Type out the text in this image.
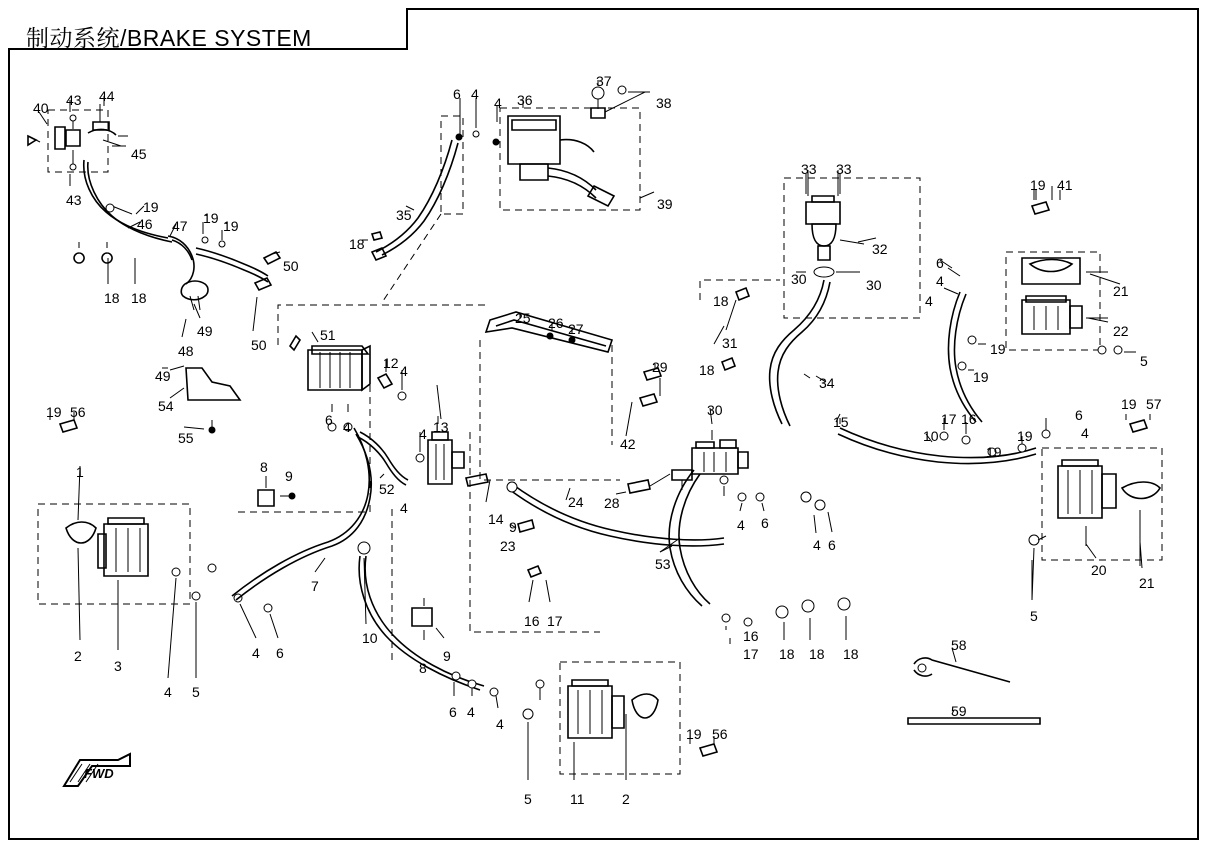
制动系统/BRAKE SYSTEM
FWD
40 43 44
45
43	19
46 47 19 19
50
18 18
49
48	50
49
54
55
51
12 4
13
6 4
52
4
4
14 9
23
16 17
24
25 26 27
29
42
28
53
30
4 6
4 6
16
17 18 18 18
35
18
6 4
4 36
37
38
39
33 33
32
30	30
18
31
18
34
15
6
4
4
19
19
21
22
5
19 41
17 16
10
19
19
6
4
19 57
20
21
5
19 56
1	8
9
2
3
4 6
4 5
7
10
8
9
6 4
4
5	11	2
19 56
58
59
